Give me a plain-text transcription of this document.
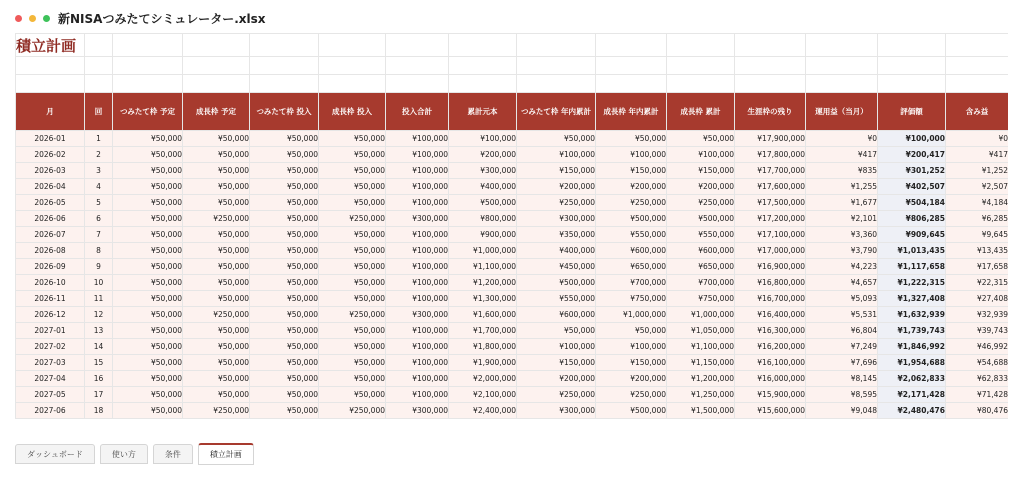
新NISAつみたてシミュレーター.xlsx
積立計画														

月	回	つみたて枠 予定	成長枠 予定	つみたて枠 投入	成長枠 投入	投入合計	累計元本	つみたて枠 年内累計	成長枠 年内累計	成長枠 累計	生涯枠の残り	運用益（当月）	評価額	含み益
2026-01	1	¥50,000	¥50,000	¥50,000	¥50,000	¥100,000	¥100,000	¥50,000	¥50,000	¥50,000	¥17,900,000	¥0	¥100,000	¥0
2026-02	2	¥50,000	¥50,000	¥50,000	¥50,000	¥100,000	¥200,000	¥100,000	¥100,000	¥100,000	¥17,800,000	¥417	¥200,417	¥417
2026-03	3	¥50,000	¥50,000	¥50,000	¥50,000	¥100,000	¥300,000	¥150,000	¥150,000	¥150,000	¥17,700,000	¥835	¥301,252	¥1,252
2026-04	4	¥50,000	¥50,000	¥50,000	¥50,000	¥100,000	¥400,000	¥200,000	¥200,000	¥200,000	¥17,600,000	¥1,255	¥402,507	¥2,507
2026-05	5	¥50,000	¥50,000	¥50,000	¥50,000	¥100,000	¥500,000	¥250,000	¥250,000	¥250,000	¥17,500,000	¥1,677	¥504,184	¥4,184
2026-06	6	¥50,000	¥250,000	¥50,000	¥250,000	¥300,000	¥800,000	¥300,000	¥500,000	¥500,000	¥17,200,000	¥2,101	¥806,285	¥6,285
2026-07	7	¥50,000	¥50,000	¥50,000	¥50,000	¥100,000	¥900,000	¥350,000	¥550,000	¥550,000	¥17,100,000	¥3,360	¥909,645	¥9,645
2026-08	8	¥50,000	¥50,000	¥50,000	¥50,000	¥100,000	¥1,000,000	¥400,000	¥600,000	¥600,000	¥17,000,000	¥3,790	¥1,013,435	¥13,435
2026-09	9	¥50,000	¥50,000	¥50,000	¥50,000	¥100,000	¥1,100,000	¥450,000	¥650,000	¥650,000	¥16,900,000	¥4,223	¥1,117,658	¥17,658
2026-10	10	¥50,000	¥50,000	¥50,000	¥50,000	¥100,000	¥1,200,000	¥500,000	¥700,000	¥700,000	¥16,800,000	¥4,657	¥1,222,315	¥22,315
2026-11	11	¥50,000	¥50,000	¥50,000	¥50,000	¥100,000	¥1,300,000	¥550,000	¥750,000	¥750,000	¥16,700,000	¥5,093	¥1,327,408	¥27,408
2026-12	12	¥50,000	¥250,000	¥50,000	¥250,000	¥300,000	¥1,600,000	¥600,000	¥1,000,000	¥1,000,000	¥16,400,000	¥5,531	¥1,632,939	¥32,939
2027-01	13	¥50,000	¥50,000	¥50,000	¥50,000	¥100,000	¥1,700,000	¥50,000	¥50,000	¥1,050,000	¥16,300,000	¥6,804	¥1,739,743	¥39,743
2027-02	14	¥50,000	¥50,000	¥50,000	¥50,000	¥100,000	¥1,800,000	¥100,000	¥100,000	¥1,100,000	¥16,200,000	¥7,249	¥1,846,992	¥46,992
2027-03	15	¥50,000	¥50,000	¥50,000	¥50,000	¥100,000	¥1,900,000	¥150,000	¥150,000	¥1,150,000	¥16,100,000	¥7,696	¥1,954,688	¥54,688
2027-04	16	¥50,000	¥50,000	¥50,000	¥50,000	¥100,000	¥2,000,000	¥200,000	¥200,000	¥1,200,000	¥16,000,000	¥8,145	¥2,062,833	¥62,833
2027-05	17	¥50,000	¥50,000	¥50,000	¥50,000	¥100,000	¥2,100,000	¥250,000	¥250,000	¥1,250,000	¥15,900,000	¥8,595	¥2,171,428	¥71,428
2027-06	18	¥50,000	¥250,000	¥50,000	¥250,000	¥300,000	¥2,400,000	¥300,000	¥500,000	¥1,500,000	¥15,600,000	¥9,048	¥2,480,476	¥80,476
ダッシュボード	使い方	条件	積立計画
